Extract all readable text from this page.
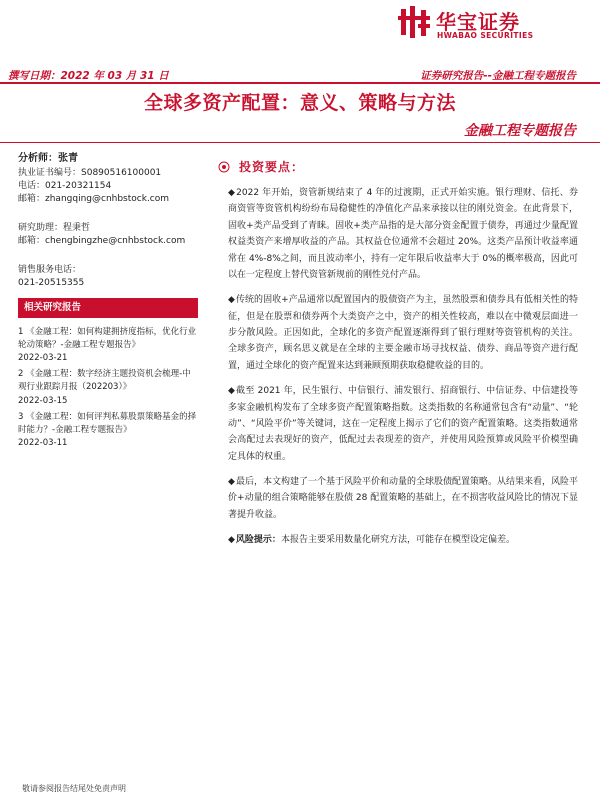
华宝证券
HWABAO SECURITIES
撰写日期：2022 年 03 月 31 日	证券研究报告--金融工程专题报告
全球多资产配置：意义、策略与方法
金融工程专题报告
分析师：张青
执业证书编号：S0890516100001
电话：021-20321154
邮箱：zhangqing@cnhbstock.com
研究助理：程秉哲
邮箱：chengbingzhe@cnhbstock.com
销售服务电话：
021-20515355
相关研究报告
1 《金融工程：如何构建拥挤度指标，优化行业轮动策略？-金融工程专题报告》
2022-03-21
2 《金融工程：数字经济主题投资机会梳理-中观行业跟踪月报（202203）》
2022-03-15
3 《金融工程：如何评判私募股票策略基金的择时能力？-金融工程专题报告》
2022-03-11
投资要点：

◆2022 年开始，资管新规结束了 4 年的过渡期，正式开始实施。银行理财、信托、券商资管等资管机构纷纷布局稳健性的净值化产品来承接以往的刚兑资金。在此背景下，固收+类产品受到了青睐。固收+类产品指的是大部分资金配置于债券，再通过少量配置权益类资产来增厚收益的产品。其权益仓位通常不会超过 20%。这类产品预计收益率通常在 4%-8%之间，而且波动率小，持有一定年限后收益率大于 0%的概率极高，因此可以在一定程度上替代资管新规前的刚性兑付产品。

◆传统的固收+产品通常以配置国内的股债资产为主，虽然股票和债券具有低相关性的特征，但是在股票和债券两个大类资产之中，资产的相关性较高，难以在中微观层面进一步分散风险。正因如此，全球化的多资产配置逐渐得到了银行理财等资管机构的关注。全球多资产，顾名思义就是在全球的主要金融市场寻找权益、债券、商品等资产进行配置，通过全球化的资产配置来达到兼顾预期获取稳健收益的目的。

◆截至 2021 年，民生银行、中信银行、浦发银行、招商银行、中信证券、中信建投等多家金融机构发布了全球多资产配置策略指数。这类指数的名称通常包含有“动量”、“轮动”、“风险平价”等关键词，这在一定程度上揭示了它们的资产配置策略。这类指数通常会高配过去表现好的资产，低配过去表现差的资产，并使用风险预算或风险平价模型确定具体的权重。

◆最后，本文构建了一个基于风险平价和动量的全球股债配置策略。从结果来看，风险平价+动量的组合策略能够在股债 28 配置策略的基础上，在不损害收益风险比的情况下显著提升收益。

◆风险提示：本报告主要采用数量化研究方法，可能存在模型设定偏差。

敬请参阅报告结尾处免责声明
